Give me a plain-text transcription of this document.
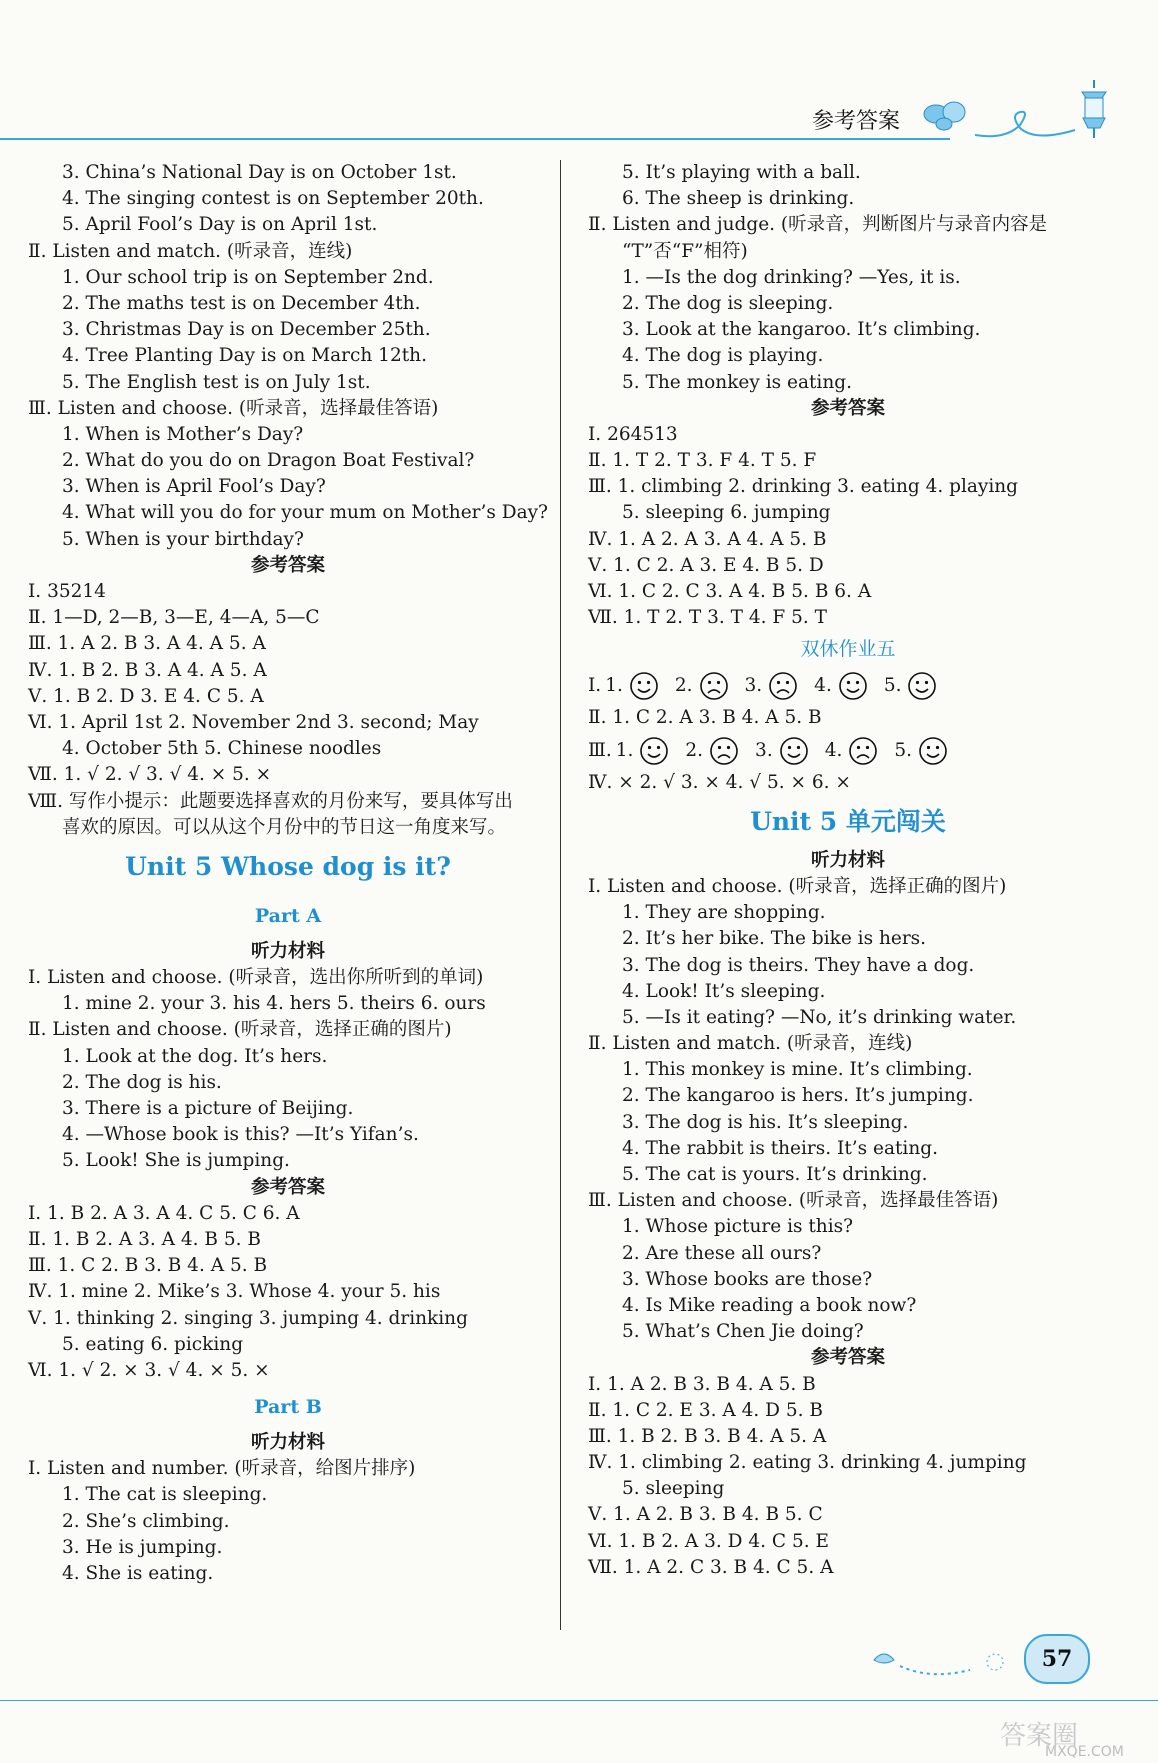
参考答案
3. China’s National Day is on October 1st.
4. The singing contest is on September 20th.
5. April Fool’s Day is on April 1st.
Ⅱ. Listen and match. (听录音，连线)
1. Our school trip is on September 2nd.
2. The maths test is on December 4th.
3. Christmas Day is on December 25th.
4. Tree Planting Day is on March 12th.
5. The English test is on July 1st.
Ⅲ. Listen and choose. (听录音，选择最佳答语)
1. When is Mother’s Day?
2. What do you do on Dragon Boat Festival?
3. When is April Fool’s Day?
4. What will you do for your mum on Mother’s Day?
5. When is your birthday?
参考答案
Ⅰ. 35214
Ⅱ. 1—D, 2—B, 3—E, 4—A, 5—C
Ⅲ. 1. A 2. B 3. A 4. A 5. A
Ⅳ. 1. B 2. B 3. A 4. A 5. A
Ⅴ. 1. B 2. D 3. E 4. C 5. A
Ⅵ. 1. April 1st 2. November 2nd 3. second; May
4. October 5th 5. Chinese noodles
Ⅶ. 1. √ 2. √ 3. √ 4. × 5. ×
Ⅷ. 写作小提示：此题要选择喜欢的月份来写，要具体写出
喜欢的原因。可以从这个月份中的节日这一角度来写。
Unit 5 Whose dog is it?
Part A
听力材料
Ⅰ. Listen and choose. (听录音，选出你所听到的单词)
1. mine 2. your 3. his 4. hers 5. theirs 6. ours
Ⅱ. Listen and choose. (听录音，选择正确的图片)
1. Look at the dog. It’s hers.
2. The dog is his.
3. There is a picture of Beijing.
4. —Whose book is this? —It’s Yifan’s.
5. Look! She is jumping.
参考答案
Ⅰ. 1. B 2. A 3. A 4. C 5. C 6. A
Ⅱ. 1. B 2. A 3. A 4. B 5. B
Ⅲ. 1. C 2. B 3. B 4. A 5. B
Ⅳ. 1. mine 2. Mike’s 3. Whose 4. your 5. his
Ⅴ. 1. thinking 2. singing 3. jumping 4. drinking
5. eating 6. picking
Ⅵ. 1. √ 2. × 3. √ 4. × 5. ×
Part B
听力材料
Ⅰ. Listen and number. (听录音，给图片排序)
1. The cat is sleeping.
2. She’s climbing.
3. He is jumping.
4. She is eating.
5. It’s playing with a ball.
6. The sheep is drinking.
Ⅱ. Listen and judge. (听录音，判断图片与录音内容是
“T”否“F”相符)
1. —Is the dog drinking? —Yes, it is.
2. The dog is sleeping.
3. Look at the kangaroo. It’s climbing.
4. The dog is playing.
5. The monkey is eating.
参考答案
Ⅰ. 264513
Ⅱ. 1. T 2. T 3. F 4. T 5. F
Ⅲ. 1. climbing 2. drinking 3. eating 4. playing
5. sleeping 6. jumping
Ⅳ. 1. A 2. A 3. A 4. A 5. B
Ⅴ. 1. C 2. A 3. E 4. B 5. D
Ⅵ. 1. C 2. C 3. A 4. B 5. B 6. A
Ⅶ. 1. T 2. T 3. T 4. F 5. T
双休作业五
Ⅰ. 1.	2.	3.	4.	5.
Ⅱ. 1. C 2. A 3. B 4. A 5. B
Ⅲ. 1.	2.	3.	4.	5.
Ⅳ. × 2. √ 3. × 4. √ 5. × 6. ×
Unit 5 单元闯关
听力材料
Ⅰ. Listen and choose. (听录音，选择正确的图片)
1. They are shopping.
2. It’s her bike. The bike is hers.
3. The dog is theirs. They have a dog.
4. Look! It’s sleeping.
5. —Is it eating? —No, it’s drinking water.
Ⅱ. Listen and match. (听录音，连线)
1. This monkey is mine. It’s climbing.
2. The kangaroo is hers. It’s jumping.
3. The dog is his. It’s sleeping.
4. The rabbit is theirs. It’s eating.
5. The cat is yours. It’s drinking.
Ⅲ. Listen and choose. (听录音，选择最佳答语)
1. Whose picture is this?
2. Are these all ours?
3. Whose books are those?
4. Is Mike reading a book now?
5. What’s Chen Jie doing?
参考答案
Ⅰ. 1. A 2. B 3. B 4. A 5. B
Ⅱ. 1. C 2. E 3. A 4. D 5. B
Ⅲ. 1. B 2. B 3. B 4. A 5. A
Ⅳ. 1. climbing 2. eating 3. drinking 4. jumping
5. sleeping
Ⅴ. 1. A 2. B 3. B 4. B 5. C
Ⅵ. 1. B 2. A 3. D 4. C 5. E
Ⅶ. 1. A 2. C 3. B 4. C 5. A
57
答案圈
MXQE.COM
